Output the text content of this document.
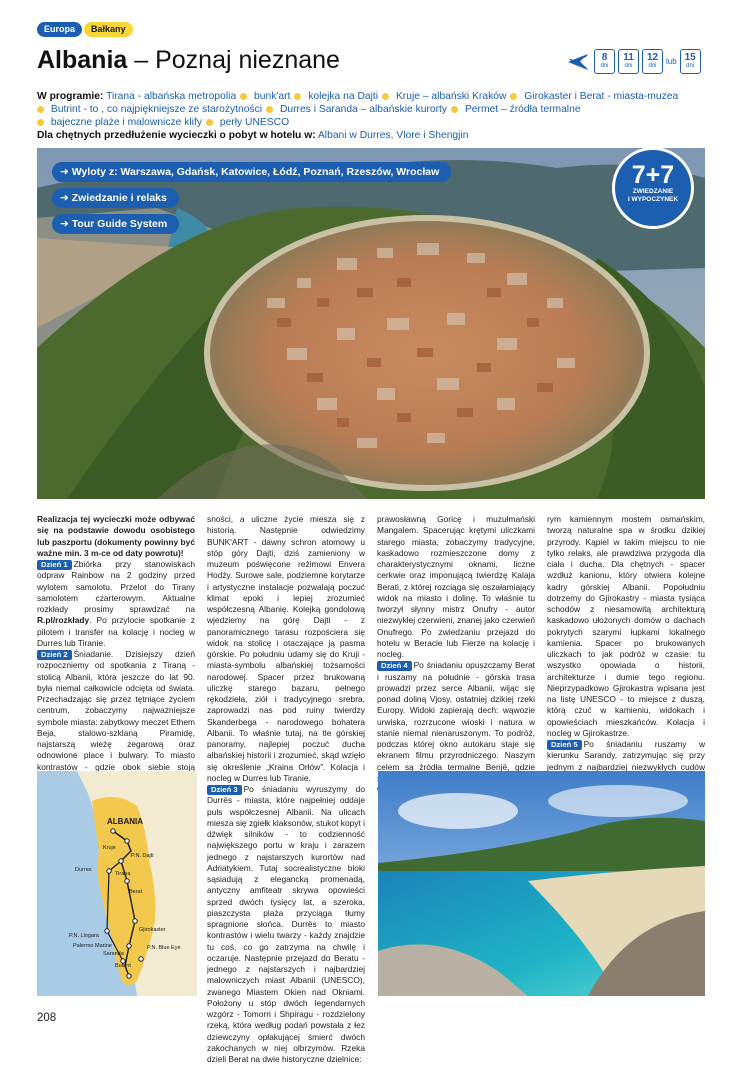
Europa	Bałkany
Albania – Poznaj nieznane	8
dni
11
dni
12
dni	lub 15
dni
W programie: Tirana - albańska metropolia bunk'art kolejka na Dajti Kruje – albański Kraków Girokaster i Berat - miasta-muzea
Butrint - to , co najpiękniejsze ze starożytności Durres i Saranda – albańskie kurorty Permet – źródła termalne
bajeczne plaże i malownicze klify perły UNESCO
Dla chętnych przedłużenie wycieczki o pobyt w hotelu w: Albani w Durres, Vlore i Shengjin
➜ Wyloty z: Warszawa, Gdańsk, Katowice, Łódź, Poznań, Rzeszów, Wrocław
➜ Zwiedzanie i relaks
➜ Tour Guide System
7+7
ZWIEDZANIE
I WYPOCZYNEK

Realizacja tej wycieczki może odbywać się na podstawie dowodu osobistego lub paszportu (dokumenty powinny być ważne min. 3 m-ce od daty powrotu)!

Dzień 1 Zbiórka przy stanowiskach odpraw Rainbow na 2 godziny przed wylotem samolotu. Przelot do Tirany samolotem czarterowym. Aktualne rozkłady prosimy sprawdzać na R.pl/rozkłady. Po przylocie spotkanie z pilotem i transfer na kolację i nocleg w Durres lub Tiranie.

Dzień 2 Śniadanie. Dzisiejszy dzień rozpoczniemy od spotkania z Tiraną - stolicą Albanii, która jeszcze do lat 90. była niemal całkowicie odcięta od świata. Przechadzając się przez tętniące życiem centrum, zobaczymy najważniejsze symbole miasta: zabytkowy meczet Ethem Beja, stalowo-szklaną Piramidę, najstarszą wieżę zegarową oraz odnowione place i bulwary. To miasto kontrastów - gdzie obok siebie stoją

sności, a uliczne życie miesza się z historią. Następnie odwiedzimy BUNK'ART - dawny schron atomowy u stóp góry Dajti, dziś zamieniony w muzeum poświęcone reżimowi Envera Hodży. Surowe sale, podziemne korytarze i artystyczne instalacje pozwalają poczuć klimat epoki i lepiej zrozumieć współczesną Albanię. Kolejką gondolową wjedziemy na górę Dajti - z panoramicznego tarasu rozpościera się widok na stolicę i otaczające ją pasma górskie. Po południu udamy się do Kruji - miasta-symbolu albańskiej tożsamości narodowej. Spacer przez brukowaną uliczkę starego bazaru, pełnego rękodzieła, ziół i tradycyjnego srebra, zaprowadzi nas pod ruiny twierdzy Skanderbega - narodowego bohatera Albanii. To właśnie tutaj, na tle górskiej panoramy, najlepiej poczuć ducha albańskiej historii i zrozumieć, skąd wzięło się określenie „Kraina Orłów”. Kolacja i nocleg w Durres lub Tiranie.

Dzień 3 Po śniadaniu wyruszymy do Durrës - miasta, które najpełniej oddaje puls współczesnej Albanii. Na ulicach miesza się zgiełk klaksonów, stukot kopyt i dźwięk silników - to codzienność największego portu w kraju i zarazem jednego z najstarszych kurortów nad Adriatykiem. Tutaj socrealistyczne bloki sąsiadują z elegancką promenadą, antyczny amfiteatr skrywa opowieści sprzed dwóch tysięcy lat, a szeroka, piaszczysta plaża przyciąga tłumy spragnione słońca. Durrës to miasto kontrastów i wielu twarzy - każdy znajdzie tu coś, co go zatrzyma na chwilę i oczaruje. Następnie przejazd do Beratu - jednego z najstarszych i najbardziej malowniczych miast Albanii (UNESCO), zwanego Miastem Okien nad Okniami. Położony u stóp dwóch legendarnych wzgórz - Tomorri i Shpiragu - rozdzielony rzeką, która według podań powstała z łez dziewczyny opłakującej śmierć dwóch zakochanych w niej olbrzymów. Rzeka dzieli Berat na dwie historyczne dzielnice:

prawosławną Goricę i muzułmański Mangalem. Spacerując krętymi uliczkami starego miasta, zobaczymy tradycyjne, kaskadowo rozmieszczone domy z charakterystycznymi oknami, liczne cerkwie oraz imponującą twierdzę Kalaja Berati, z której rozciąga się oszałamiający widok na miasto i dolinę. To właśnie tu tworzył słynny mistrz Onufry - autor niezwykłej czerwieni, znanej jako czerwień Onufrego. Po zwiedzaniu przejazd do hotelu w Beracie lub Fierze na kolację i nocleg.

Dzień 4 Po śniadaniu opuszczamy Berat i ruszamy na południe - górska trasa prowadzi przez serce Albanii, wijąc się ponad doliną Vjosy, ostatniej dzikiej rzeki Europy. Widoki zapierają dech: wąwozie urwiska, rozrzucone wioski i natura w stanie niemal nienaruszonym. To podróż, podczas której okno autokaru staje się ekranem filmu przyrodniczego. Naszym celem są źródła termalne Benjë, gdzie

rym kamiennym mostem osmańskim, tworzą naturalne spa w środku dzikiej przyrody. Kąpiel w takim miejscu to nie tylko relaks, ale prawdziwa przygoda dla ciała i ducha. Dla chętnych - spacer wzdłuż kanionu, który otwiera kolejne kadry górskiej Albanii. Popołudniu dotrzemy do Gjirokastry - miasta tysiąca schodów z niesamowitą architekturą kaskadowo ułożonych domów o dachach pokrytych szarymi łupkami lokalnego kamienia. Spacer po brukowanych uliczkach to jak podróż w czasie: tu wszystko opowiada o historii, architekturze i dumie tego regionu. Nieprzypadkowo Gjirokastra wpisana jest na listę UNESCO - to miejsce z duszą, którą czuć w kamieniu, widokach i opowieściach mieszkańców. Kolacja i nocleg w Gjirokastrze.

Dzień 5 Po śniadaniu ruszamy w kierunku Sarandy, zatrzymując się przy jednym z najbardziej niezwykłych cudów

ALBANIA
Kruje
P.N. Dajti
Durres
Tirana
Berat
Gjirokaster
P.N. Llogara
Palermo Marine
Saranda
Butrint
P.N. Blue Eye
208
